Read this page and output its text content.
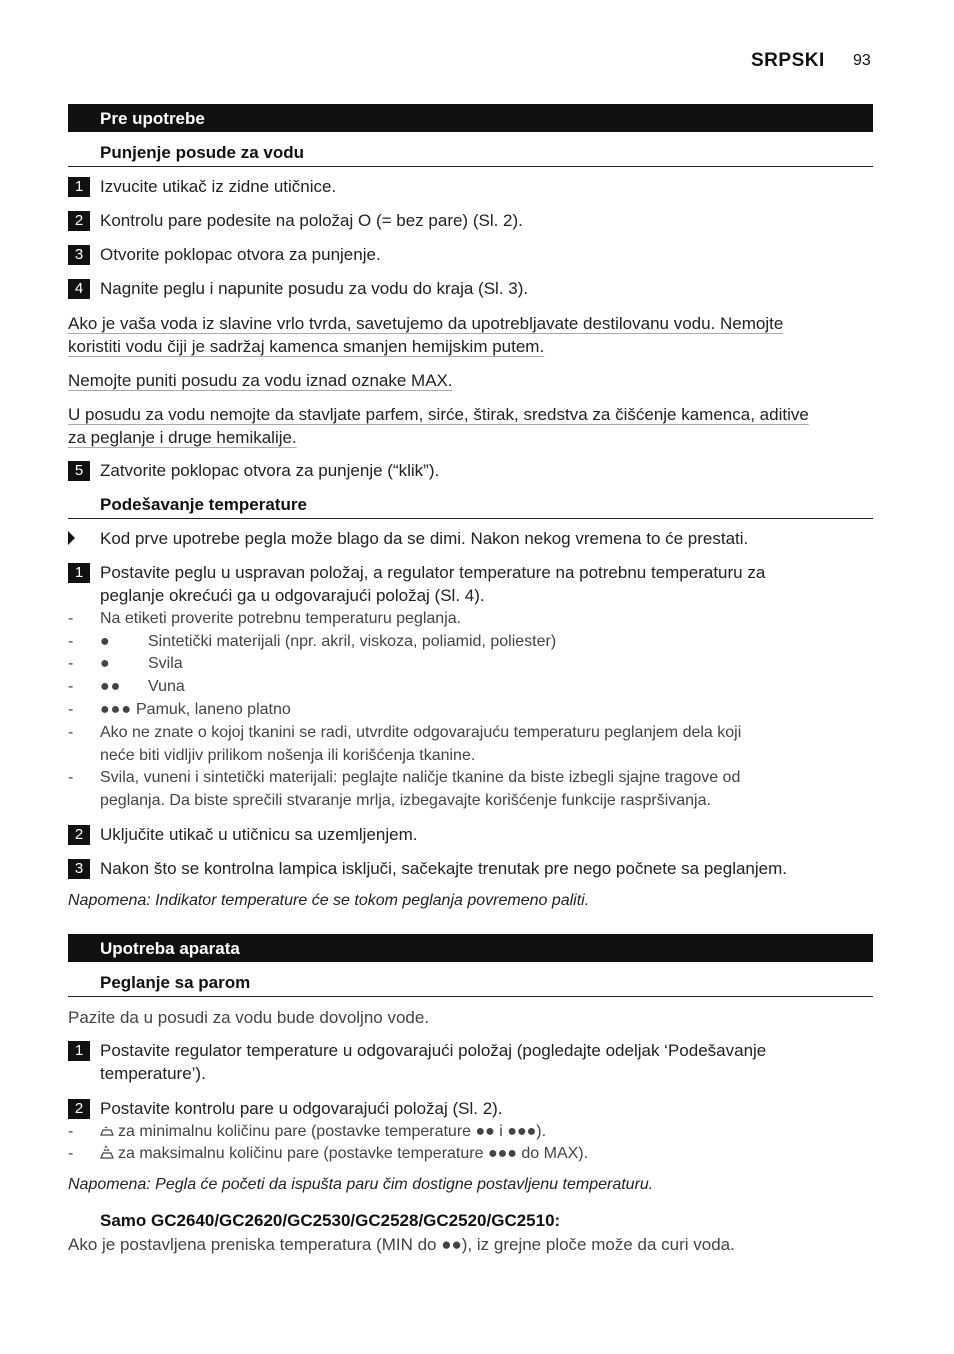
SRPSKI 93
Pre upotrebe
Punjenje posude za vodu
1 Izvucite utikač iz zidne utičnice.
2 Kontrolu pare podesite na položaj O (= bez pare) (Sl. 2).
3 Otvorite poklopac otvora za punjenje.
4 Nagnite peglu i napunite posudu za vodu do kraja (Sl. 3).
Ako je vaša voda iz slavine vrlo tvrda, savetujemo da upotrebljavate destilovanu vodu. Nemojte
koristiti vodu čiji je sadržaj kamenca smanjen hemijskim putem.
Nemojte puniti posudu za vodu iznad oznake MAX.
U posudu za vodu nemojte da stavljate parfem, sirće, štirak, sredstva za čišćenje kamenca, aditive
za peglanje i druge hemikalije.
5 Zatvorite poklopac otvora za punjenje (“klik”).
Podešavanje temperature
Kod prve upotrebe pegla može blago da se dimi. Nakon nekog vremena to će prestati.
1 Postavite peglu u uspravan položaj, a regulator temperature na potrebnu temperaturu za
peglanje okrećući ga u odgovarajući položaj (Sl. 4).
- Na etiketi proverite potrebnu temperaturu peglanja.
- ● Sintetički materijali (npr. akril, viskoza, poliamid, poliester)
- ● Svila
- ●● Vuna
- ●●● Pamuk, laneno platno
- Ako ne znate o kojoj tkanini se radi, utvrdite odgovarajuću temperaturu peglanjem dela koji
neće biti vidljiv prilikom nošenja ili korišćenja tkanine.
- Svila, vuneni i sintetički materijali: peglajte naličje tkanine da biste izbegli sjajne tragove od
peglanja. Da biste sprečili stvaranje mrlja, izbegavajte korišćenje funkcije raspršivanja.
2 Uključite utikač u utičnicu sa uzemljenjem.
3 Nakon što se kontrolna lampica isključi, sačekajte trenutak pre nego počnete sa peglanjem.
Napomena: Indikator temperature će se tokom peglanja povremeno paliti.
Upotreba aparata
Peglanje sa parom
Pazite da u posudi za vodu bude dovoljno vode.
1 Postavite regulator temperature u odgovarajući položaj (pogledajte odeljak ‘Podešavanje
temperature’).
2 Postavite kontrolu pare u odgovarajući položaj (Sl. 2).
-	za minimalnu količinu pare (postavke temperature ●● i ●●●).
-	za maksimalnu količinu pare (postavke temperature ●●● do MAX).
Napomena: Pegla će početi da ispušta paru čim dostigne postavljenu temperaturu.
Samo GC2640/GC2620/GC2530/GC2528/GC2520/GC2510:
Ako je postavljena preniska temperatura (MIN do ●●), iz grejne ploče može da curi voda.
